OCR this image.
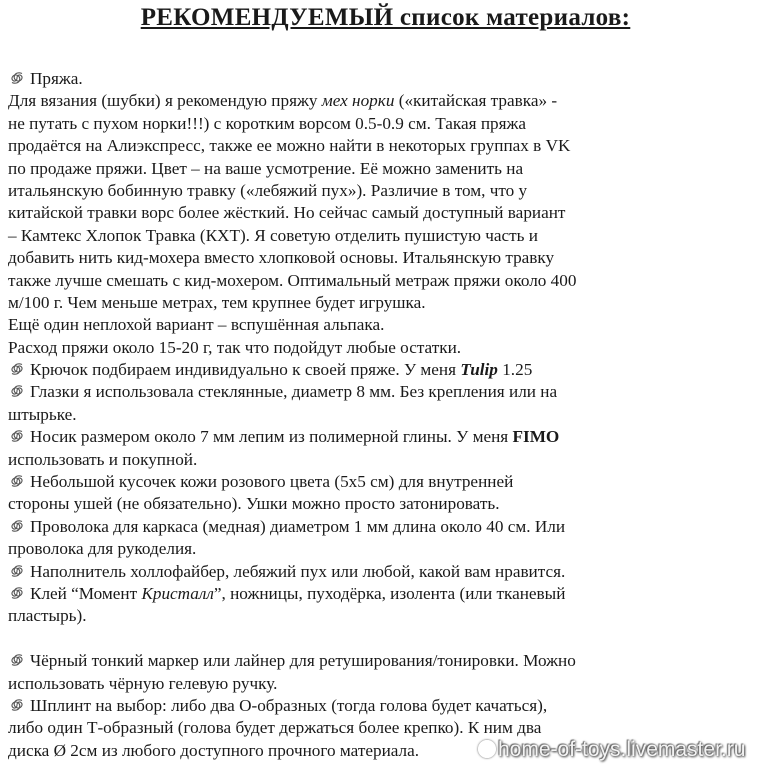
РЕКОМЕНДУЕМЫЙ список материалов:
Пряжа.
Для вязания (шубки) я рекомендую пряжу мех норки («китайская травка» -
не путать с пухом норки!!!) с коротким ворсом 0.5-0.9 см. Такая пряжа
продаётся на Алиэкспресс, также ее можно найти в некоторых группах в VK
по продаже пряжи. Цвет – на ваше усмотрение. Её можно заменить на
итальянскую бобинную травку («лебяжий пух»). Различие в том, что у
китайской травки ворс более жёсткий. Но сейчас самый доступный вариант
– Камтекс Хлопок Травка (КХТ). Я советую отделить пушистую часть и
добавить нить кид-мохера вместо хлопковой основы. Итальянскую травку
также лучше смешать с кид-мохером. Оптимальный метраж пряжи около 400
м/100 г. Чем меньше метрах, тем крупнее будет игрушка.
Ещё один неплохой вариант – вспушённая альпака.
Расход пряжи около 15-20 г, так что подойдут любые остатки.
Крючок подбираем индивидуально к своей пряже. У меня Tulip 1.25
Глазки я использовала стеклянные, диаметр 8 мм. Без крепления или на
штырьке.
Носик размером около 7 мм лепим из полимерной глины. У меня FIMO
использовать и покупной.
Небольшой кусочек кожи розового цвета (5х5 см) для внутренней
стороны ушей (не обязательно). Ушки можно просто затонировать.
Проволока для каркаса (медная) диаметром 1 мм длина около 40 см. Или
проволока для рукоделия.
Наполнитель холлофайбер, лебяжий пух или любой, какой вам нравится.
Клей “Момент Кристалл”, ножницы, пуходёрка, изолента (или тканевый
пластырь).
Чёрный тонкий маркер или лайнер для ретуширования/тонировки. Можно
использовать чёрную гелевую ручку.
Шплинт на выбор: либо два О-образных (тогда голова будет качаться),
либо один Т-образный (голова будет держаться более крепко). К ним два
диска Ø 2см из любого доступного прочного материала.	home-of-toys.livemaster.ru
